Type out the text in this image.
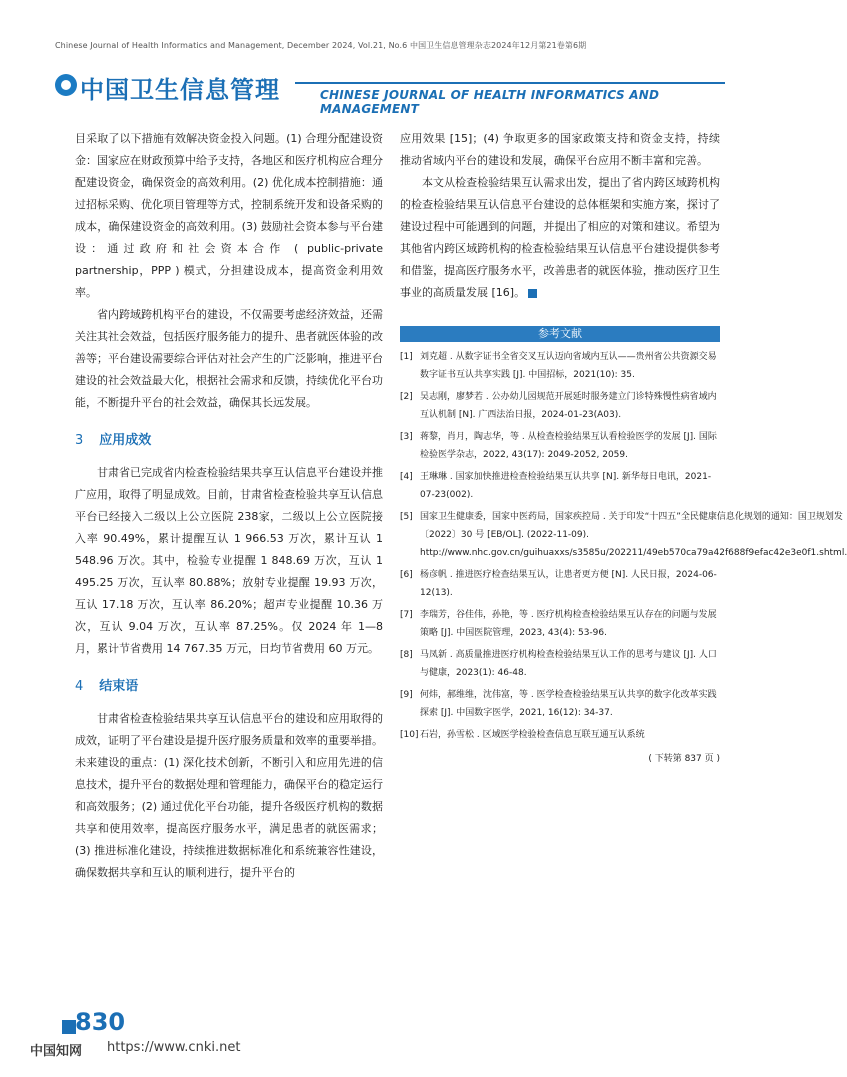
Chinese Journal of Health Informatics and Management, December 2024, Vol.21, No.6 中国卫生信息管理杂志2024年12月第21卷第6期
中国卫生信息管理	CHINESE JOURNAL OF HEALTH INFORMATICS AND MANAGEMENT

目采取了以下措施有效解决资金投入问题。(1) 合理分配建设资金：国家应在财政预算中给予支持，各地区和医疗机构应合理分配建设资金，确保资金的高效利用。(2) 优化成本控制措施：通过招标采购、优化项目管理等方式，控制系统开发和设备采购的成本，确保建设资金的高效利用。(3) 鼓励社会资本参与平台建设：通过政府和社会资本合作 ( public-private partnership，PPP ) 模式，分担建设成本，提高资金利用效率。

省内跨域跨机构平台的建设，不仅需要考虑经济效益，还需关注其社会效益，包括医疗服务能力的提升、患者就医体验的改善等；平台建设需要综合评估对社会产生的广泛影响，推进平台建设的社会效益最大化，根据社会需求和反馈，持续优化平台功能，不断提升平台的社会效益，确保其长远发展。

3 应用成效

甘肃省已完成省内检查检验结果共享互认信息平台建设并推广应用，取得了明显成效。目前，甘肃省检查检验共享互认信息平台已经接入二级以上公立医院 238家，二级以上公立医院接入率 90.49%，累计提醒互认 1 966.53 万次，累计互认 1 548.96 万次。其中，检验专业提醒 1 848.69 万次，互认 1 495.25 万次，互认率 80.88%；放射专业提醒 19.93 万次，互认 17.18 万次，互认率 86.20%；超声专业提醒 10.36 万次，互认 9.04 万次，互认率 87.25%。仅 2024 年 1—8 月，累计节省费用 14 767.35 万元，日均节省费用 60 万元。

4 结束语

甘肃省检查检验结果共享互认信息平台的建设和应用取得的成效，证明了平台建设是提升医疗服务质量和效率的重要举措。未来建设的重点：(1) 深化技术创新，不断引入和应用先进的信息技术，提升平台的数据处理和管理能力，确保平台的稳定运行和高效服务；(2) 通过优化平台功能，提升各级医疗机构的数据共享和使用效率，提高医疗服务水平，满足患者的就医需求；(3) 推进标准化建设，持续推进数据标准化和系统兼容性建设，确保数据共享和互认的顺利进行，提升平台的

应用效果 [15]；(4) 争取更多的国家政策支持和资金支持，持续推动省域内平台的建设和发展，确保平台应用不断丰富和完善。

本文从检查检验结果互认需求出发，提出了省内跨区域跨机构的检查检验结果互认信息平台建设的总体框架和实施方案，探讨了建设过程中可能遇到的问题，并提出了相应的对策和建议。希望为其他省内跨区域跨机构的检查检验结果互认信息平台建设提供参考和借鉴，提高医疗服务水平，改善患者的就医体验，推动医疗卫生事业的高质量发展 [16]。

参考文献
[1] 刘克超 . 从数字证书全省交叉互认迈向省域内互认——贵州省公共资源交易数字证书互认共享实践 [J]. 中国招标，2021(10): 35.
[2] 吴志刚，廖梦若 . 公办幼儿园规范开展延时服务建立门诊特殊慢性病省域内互认机制 [N]. 广西法治日报，2024-01-23(A03).
[3] 蒋黎，肖月，陶志华，等 . 从检查检验结果互认看检验医学的发展 [J]. 国际检验医学杂志，2022, 43(17): 2049-2052, 2059.
[4] 王琳琳 . 国家加快推进检查检验结果互认共享 [N]. 新华每日电讯，2021-07-23(002).
[5] 国家卫生健康委，国家中医药局，国家疾控局 . 关于印发“十四五”全民健康信息化规划的通知：国卫规划发〔2022〕30 号 [EB/OL]. (2022-11-09). http://www.nhc.gov.cn/guihuaxxs/s3585u/202211/49eb570ca79a42f688f9efac42e3e0f1.shtml.
[6] 杨彦帆 . 推进医疗检查结果互认，让患者更方便 [N]. 人民日报，2024-06-12(13).
[7] 李瑞芳，谷佳伟，孙艳，等 . 医疗机构检查检验结果互认存在的问题与发展策略 [J]. 中国医院管理，2023, 43(4): 53-96.
[8] 马凤新 . 高质量推进医疗机构检查检验结果互认工作的思考与建议 [J]. 人口与健康，2023(1): 46-48.
[9] 何炜，郝维维，沈伟富，等 . 医学检查检验结果互认共享的数字化改革实践探索 [J]. 中国数字医学，2021, 16(12): 34-37.
[10] 石岩，孙雪松 . 区域医学检验检查信息互联互通互认系统
( 下转第 837 页 )
830
中国知网 https://www.cnki.net
